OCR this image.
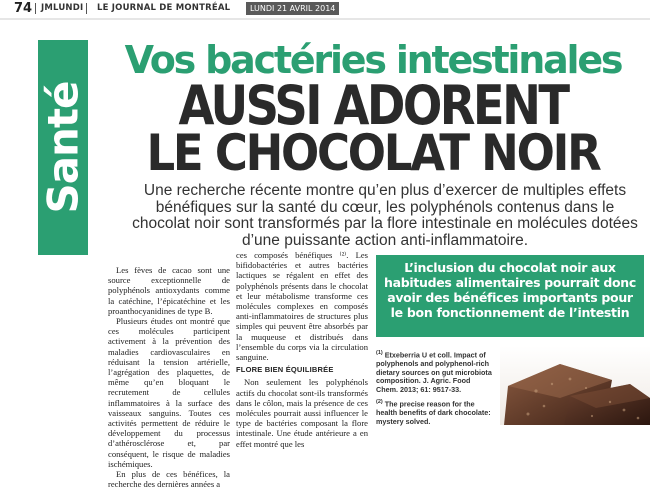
74 JMLUNDI LE JOURNAL DE MONTRÉAL	LUNDI 21 AVRIL 2014
Santé
Vos bactéries intestinales
AUSSI ADORENT
LE CHOCOLAT NOIR
Une recherche récente montre qu’en plus d’exercer de multiples effets bénéfiques sur la santé du cœur, les polyphénols contenus dans le chocolat noir sont transformés par la flore intestinale en molécules dotées d’une puissante action anti-inflammatoire.

Les fèves de cacao sont une source exceptionnelle de polyphénols antioxydants comme la catéchine, l’épicatéchine et les proanthocyanidines de type B.

Plusieurs études ont montré que ces molécules participent activement à la prévention des maladies cardiovasculaires en réduisant la tension artérielle, l’agrégation des plaquettes, de même qu’en bloquant le recrutement de cellules inflammatoires à la surface des vaisseaux sanguins. Toutes ces activités permettent de réduire le développement du processus d’athérosclérose et, par conséquent, le risque de maladies ischémiques.

En plus de ces bénéfices, la recherche des dernières années a

ces composés bénéfiques ⁽²⁾. Les bifidobactéries et autres bactéries lactiques se régalent en effet des polyphénols présents dans le chocolat et leur métabolisme transforme ces molécules complexes en composés anti-inflammatoires de structures plus simples qui peuvent être absorbés par la muqueuse et distribués dans l’ensemble du corps via la circulation sanguine.

FLORE BIEN ÉQUILIBRÉE

Non seulement les polyphénols actifs du chocolat sont-ils transformés dans le côlon, mais la présence de ces molécules pourrait aussi influencer le type de bactéries composant la flore intestinale. Une étude antérieure a en effet montré que les

L’inclusion du chocolat noir aux habitudes alimentaires pourrait donc avoir des bénéfices importants pour le bon fonctionnement de l’intestin

$^{(1)}$ Etxeberria U et coll. Impact of polyphenols and polyphenol-rich dietary sources on gut microbiota composition. J. Agric. Food Chem. 2013; 61: 9517-33.

$^{(2)}$ The precise reason for the health benefits of dark chocolate: mystery solved.
